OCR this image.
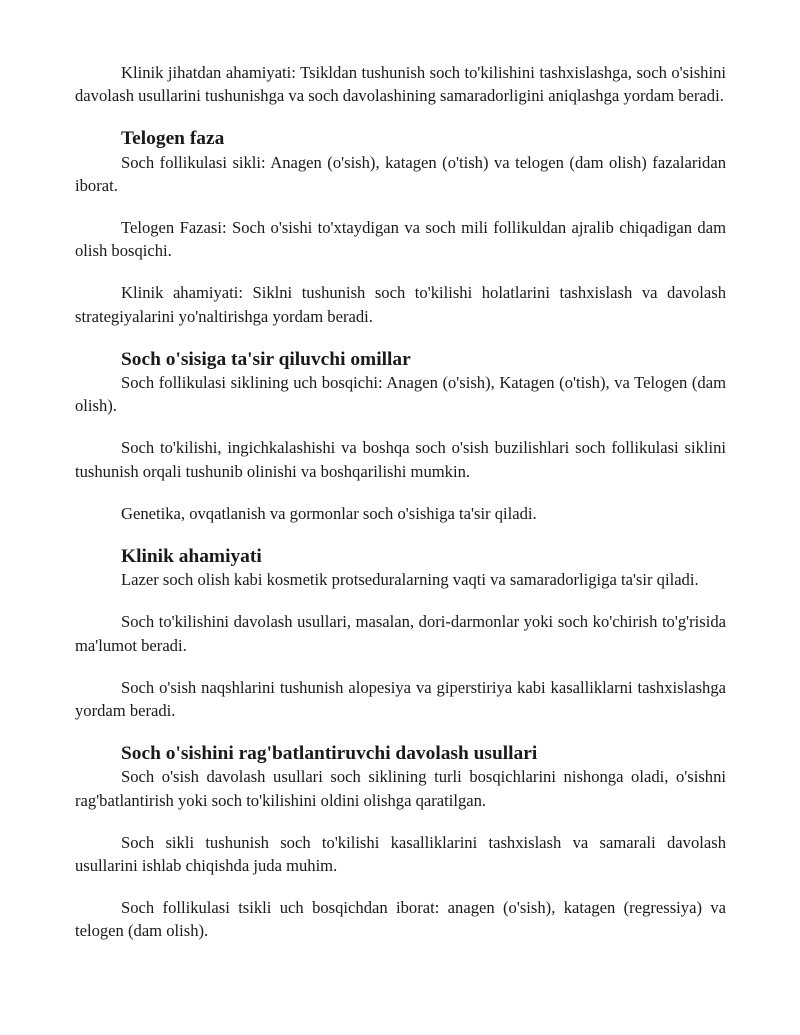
Klinik jihatdan ahamiyati: Tsikldan tushunish soch to'kilishini tashxislashga, soch o'sishini davolash usullarini tushunishga va soch davolashining samaradorligini aniqlashga yordam beradi.

Telogen faza

Soch follikulasi sikli: Anagen (o'sish), katagen (o'tish) va telogen (dam olish) fazalaridan iborat.

Telogen Fazasi: Soch o'sishi to'xtaydigan va soch mili follikuldan ajralib chiqadigan dam olish bosqichi.

Klinik ahamiyati: Siklni tushunish soch to'kilishi holatlarini tashxislash va davolash strategiyalarini yo'naltirishga yordam beradi.

Soch o'sisiga ta'sir qiluvchi omillar

Soch follikulasi siklining uch bosqichi: Anagen (o'sish), Katagen (o'tish), va Telogen (dam olish).

Soch to'kilishi, ingichkalashishi va boshqa soch o'sish buzilishlari soch follikulasi siklini tushunish orqali tushunib olinishi va boshqarilishi mumkin.

Genetika, ovqatlanish va gormonlar soch o'sishiga ta'sir qiladi.

Klinik ahamiyati

Lazer soch olish kabi kosmetik protseduralarning vaqti va samaradorligiga ta'sir qiladi.

Soch to'kilishini davolash usullari, masalan, dori-darmonlar yoki soch ko'chirish to'g'risida ma'lumot beradi.

Soch o'sish naqshlarini tushunish alopesiya va giperstiriya kabi kasalliklarni tashxislashga yordam beradi.

Soch o'sishini rag'batlantiruvchi davolash usullari

Soch o'sish davolash usullari soch siklining turli bosqichlarini nishonga oladi, o'sishni rag'batlantirish yoki soch to'kilishini oldini olishga qaratilgan.

Soch sikli tushunish soch to'kilishi kasalliklarini tashxislash va samarali davolash usullarini ishlab chiqishda juda muhim.

Soch follikulasi tsikli uch bosqichdan iborat: anagen (o'sish), katagen (regressiya) va telogen (dam olish).
